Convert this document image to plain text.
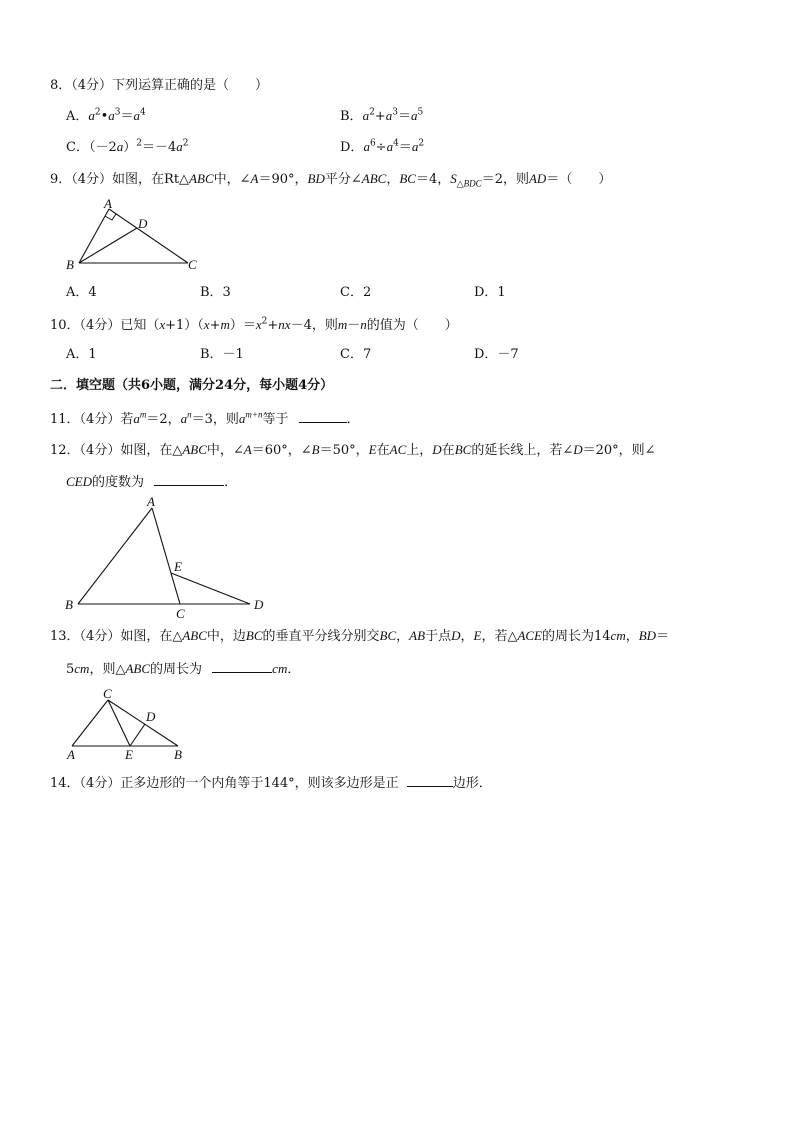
8．（4分）下列运算正确的是（　　）
A．$a^2•a^3=a^4$	B．$a^2+a^3=a^5$
C．$(-2a)^2=-4a^2$	D．$a^6\div a^4=a^2$
9．（4分）如图，在Rt△ABC中，∠A＝90°，BD平分∠ABC，BC＝4，$S_{\triangle BDC}=2$，则AD＝（　　）
A
D
B	C
A．4	B．3	C．2	D．1
10．（4分）已知$(x+1)(x+m)=x^2+nx-4$，则m－n的值为（　　）
A．1	B．－1	C．7	D．－7
二．填空题（共6小题，满分24分，每小题4分）
11．（4分）若$a^m=2$，$a^n=3$，则$a^{m+n}$等于	．
12．（4分）如图，在△ABC中，∠A＝60°，∠B＝50°，E在AC上，D在BC的延长线上，若∠D＝20°，则∠
CED的度数为	．
A
E
B
C
D
13．（4分）如图，在△ABC中，边BC的垂直平分线分别交BC，AB于点D，E，若△ACE的周长为14cm，BD＝
5cm，则△ABC的周长为	cm．
C
D
A	E	B
14．（4分）正多边形的一个内角等于144°，则该多边形是正	边形．
